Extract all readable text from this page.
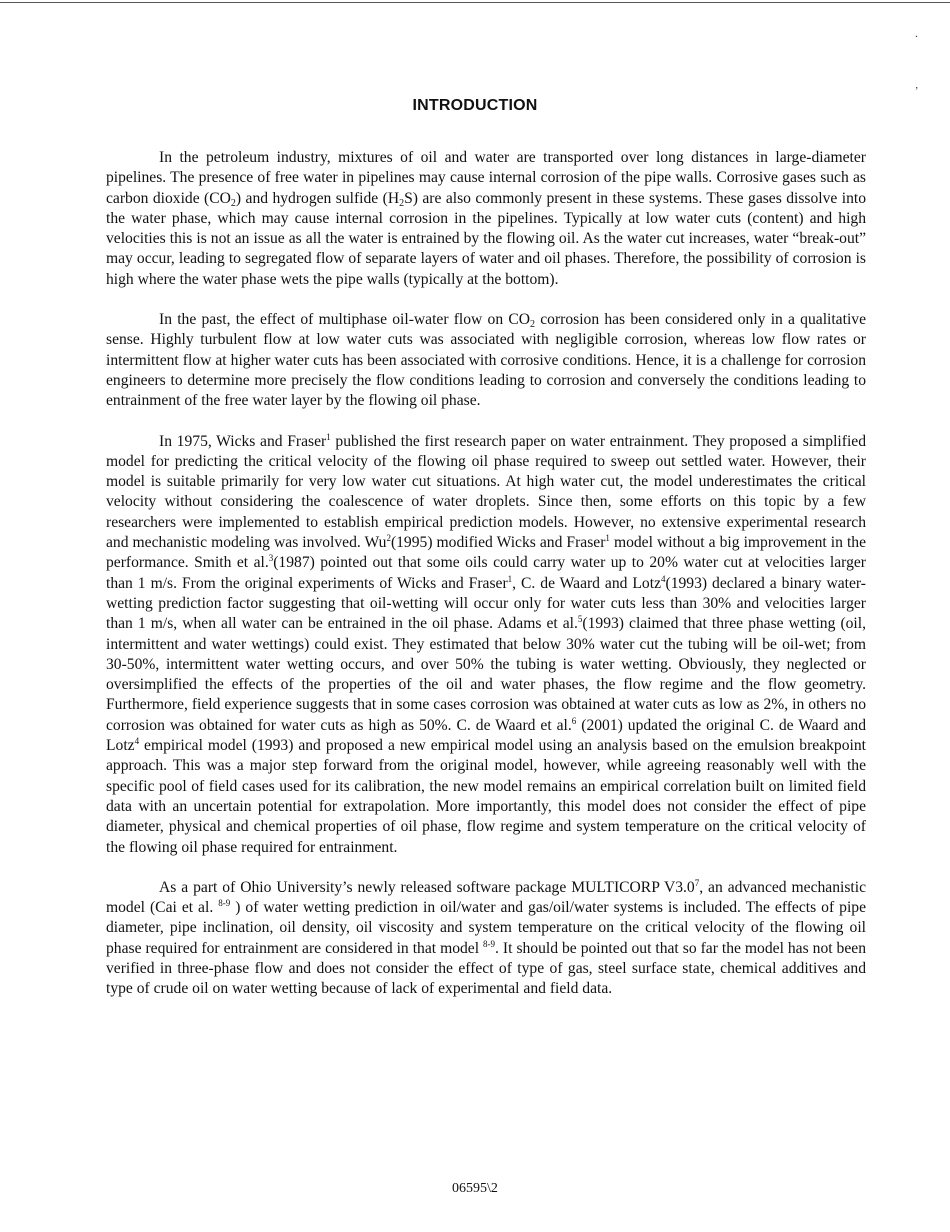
.
’
INTRODUCTION

In the petroleum industry, mixtures of oil and water are transported over long distances in large-diameter pipelines. The presence of free water in pipelines may cause internal corrosion of the pipe walls. Corrosive gases such as carbon dioxide $(CO_2)$ and hydrogen sulfide $(H_2S)$ are also commonly present in these systems. These gases dissolve into the water phase, which may cause internal corrosion in the pipelines. Typically at low water cuts (content) and high velocities this is not an issue as all the water is entrained by the flowing oil. As the water cut increases, water “break-out” may occur, leading to segregated flow of separate layers of water and oil phases. Therefore, the possibility of corrosion is high where the water phase wets the pipe walls (typically at the bottom).

In the past, the effect of multiphase oil-water flow on $CO_2$ corrosion has been considered only in a qualitative sense. Highly turbulent flow at low water cuts was associated with negligible corrosion, whereas low flow rates or intermittent flow at higher water cuts has been associated with corrosive conditions. Hence, it is a challenge for corrosion engineers to determine more precisely the flow conditions leading to corrosion and conversely the conditions leading to entrainment of the free water layer by the flowing oil phase.

In 1975, Wicks and Fraser$^1$ published the first research paper on water entrainment. They proposed a simplified model for predicting the critical velocity of the flowing oil phase required to sweep out settled water. However, their model is suitable primarily for very low water cut situations. At high water cut, the model underestimates the critical velocity without considering the coalescence of water droplets. Since then, some efforts on this topic by a few researchers were implemented to establish empirical prediction models. However, no extensive experimental research and mechanistic modeling was involved. Wu$^2$(1995) modified Wicks and Fraser$^1$ model without a big improvement in the performance. Smith et al.$^3$(1987) pointed out that some oils could carry water up to 20% water cut at velocities larger than 1 m/s. From the original experiments of Wicks and Fraser$^1$, C. de Waard and Lotz$^4$(1993) declared a binary water-wetting prediction factor suggesting that oil-wetting will occur only for water cuts less than 30% and velocities larger than 1 m/s, when all water can be entrained in the oil phase. Adams et al.$^5$(1993) claimed that three phase wetting (oil, intermittent and water wettings) could exist. They estimated that below 30% water cut the tubing will be oil-wet; from 30-50%, intermittent water wetting occurs, and over 50% the tubing is water wetting. Obviously, they neglected or oversimplified the effects of the properties of the oil and water phases, the flow regime and the flow geometry. Furthermore, field experience suggests that in some cases corrosion was obtained at water cuts as low as 2%, in others no corrosion was obtained for water cuts as high as 50%. C. de Waard et al.$^6$ (2001) updated the original C. de Waard and Lotz$^4$ empirical model (1993) and proposed a new empirical model using an analysis based on the emulsion breakpoint approach. This was a major step forward from the original model, however, while agreeing reasonably well with the specific pool of field cases used for its calibration, the new model remains an empirical correlation built on limited field data with an uncertain potential for extrapolation. More importantly, this model does not consider the effect of pipe diameter, physical and chemical properties of oil phase, flow regime and system temperature on the critical velocity of the flowing oil phase required for entrainment.

As a part of Ohio University’s newly released software package MULTICORP $V3.0^7$, an advanced mechanistic model (Cai et al. $^{8-9}$ ) of water wetting prediction in oil/water and gas/oil/water systems is included. The effects of pipe diameter, pipe inclination, oil density, oil viscosity and system temperature on the critical velocity of the flowing oil phase required for entrainment are considered in that model $^{8-9}$. It should be pointed out that so far the model has not been verified in three-phase flow and does not consider the effect of type of gas, steel surface state, chemical additives and type of crude oil on water wetting because of lack of experimental and field data.

06595\2
